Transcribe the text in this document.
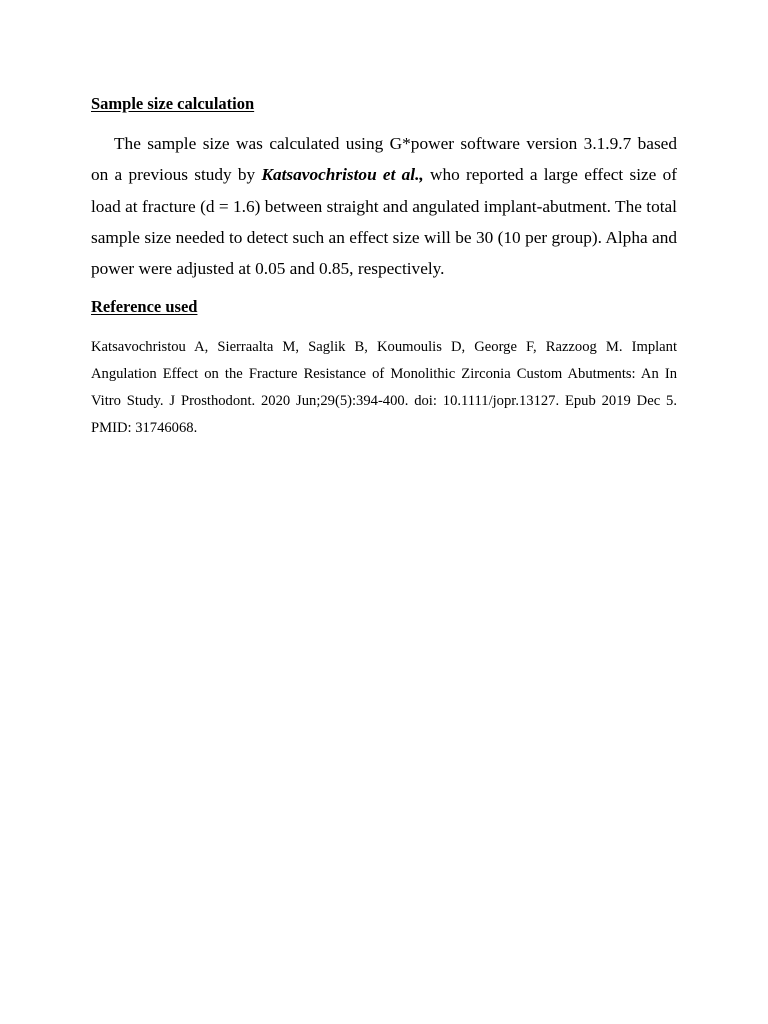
Sample size calculation

The sample size was calculated using G*power software version 3.1.9.7 based on a previous study by Katsavochristou et al., who reported a large effect size of load at fracture (d = 1.6) between straight and angulated implant-abutment. The total sample size needed to detect such an effect size will be 30 (10 per group). Alpha and power were adjusted at 0.05 and 0.85, respectively.

Reference used

Katsavochristou A, Sierraalta M, Saglik B, Koumoulis D, George F, Razzoog M. Implant Angulation Effect on the Fracture Resistance of Monolithic Zirconia Custom Abutments: An In Vitro Study. J Prosthodont. 2020 Jun;29(5):394-400. doi: 10.1111/jopr.13127. Epub 2019 Dec 5. PMID: 31746068.
